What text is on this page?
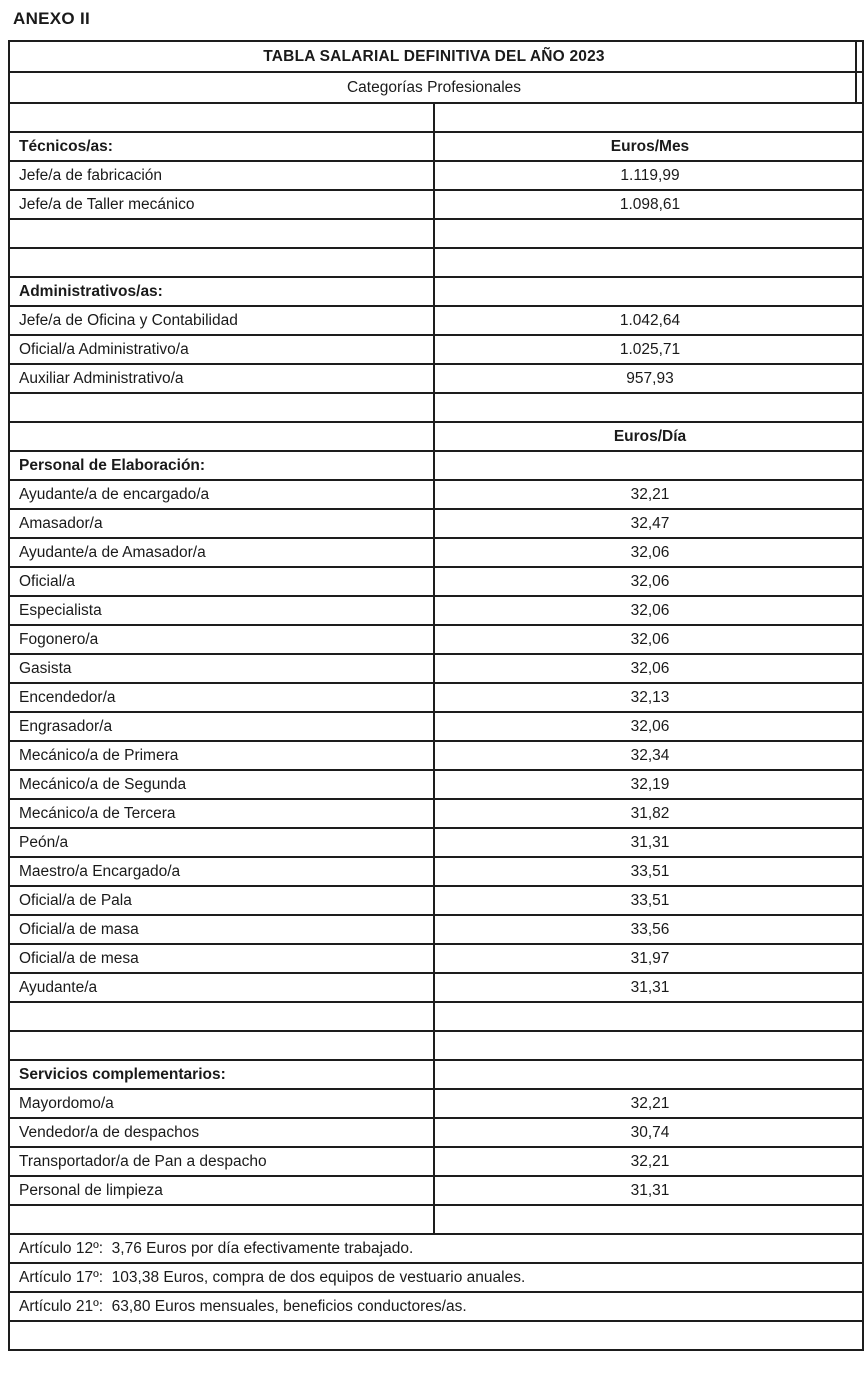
ANEXO II
TABLA SALARIAL DEFINITIVA DEL AÑO 2023		
Categorías Profesionales		

Técnicos/as:	Euros/Mes	
Jefe/a de fabricación	1.119,99	
Jefe/a de Taller mecánico	1.098,61	

Administrativos/as:		
Jefe/a de Oficina y Contabilidad	1.042,64	
Oficial/a Administrativo/a	1.025,71	
Auxiliar Administrativo/a	957,93	

	Euros/Día	
Personal de Elaboración:		
Ayudante/a de encargado/a	32,21	
Amasador/a	32,47	
Ayudante/a de Amasador/a	32,06	
Oficial/a	32,06	
Especialista	32,06	
Fogonero/a	32,06	
Gasista	32,06	
Encendedor/a	32,13	
Engrasador/a	32,06	
Mecánico/a de Primera	32,34	
Mecánico/a de Segunda	32,19	
Mecánico/a de Tercera	31,82	
Peón/a	31,31	
Maestro/a Encargado/a	33,51	
Oficial/a de Pala	33,51	
Oficial/a de masa	33,56	
Oficial/a de mesa	31,97	
Ayudante/a	31,31	

Servicios complementarios:		
Mayordomo/a	32,21	
Vendedor/a de despachos	30,74	
Transportador/a de Pan a despacho	32,21	
Personal de limpieza	31,31	

Artículo 12º:  3,76 Euros por día efectivamente trabajado.		
Artículo 17º:  103,38 Euros, compra de dos equipos de vestuario anuales.		
Artículo 21º:  63,80 Euros mensuales, beneficios conductores/as.		
